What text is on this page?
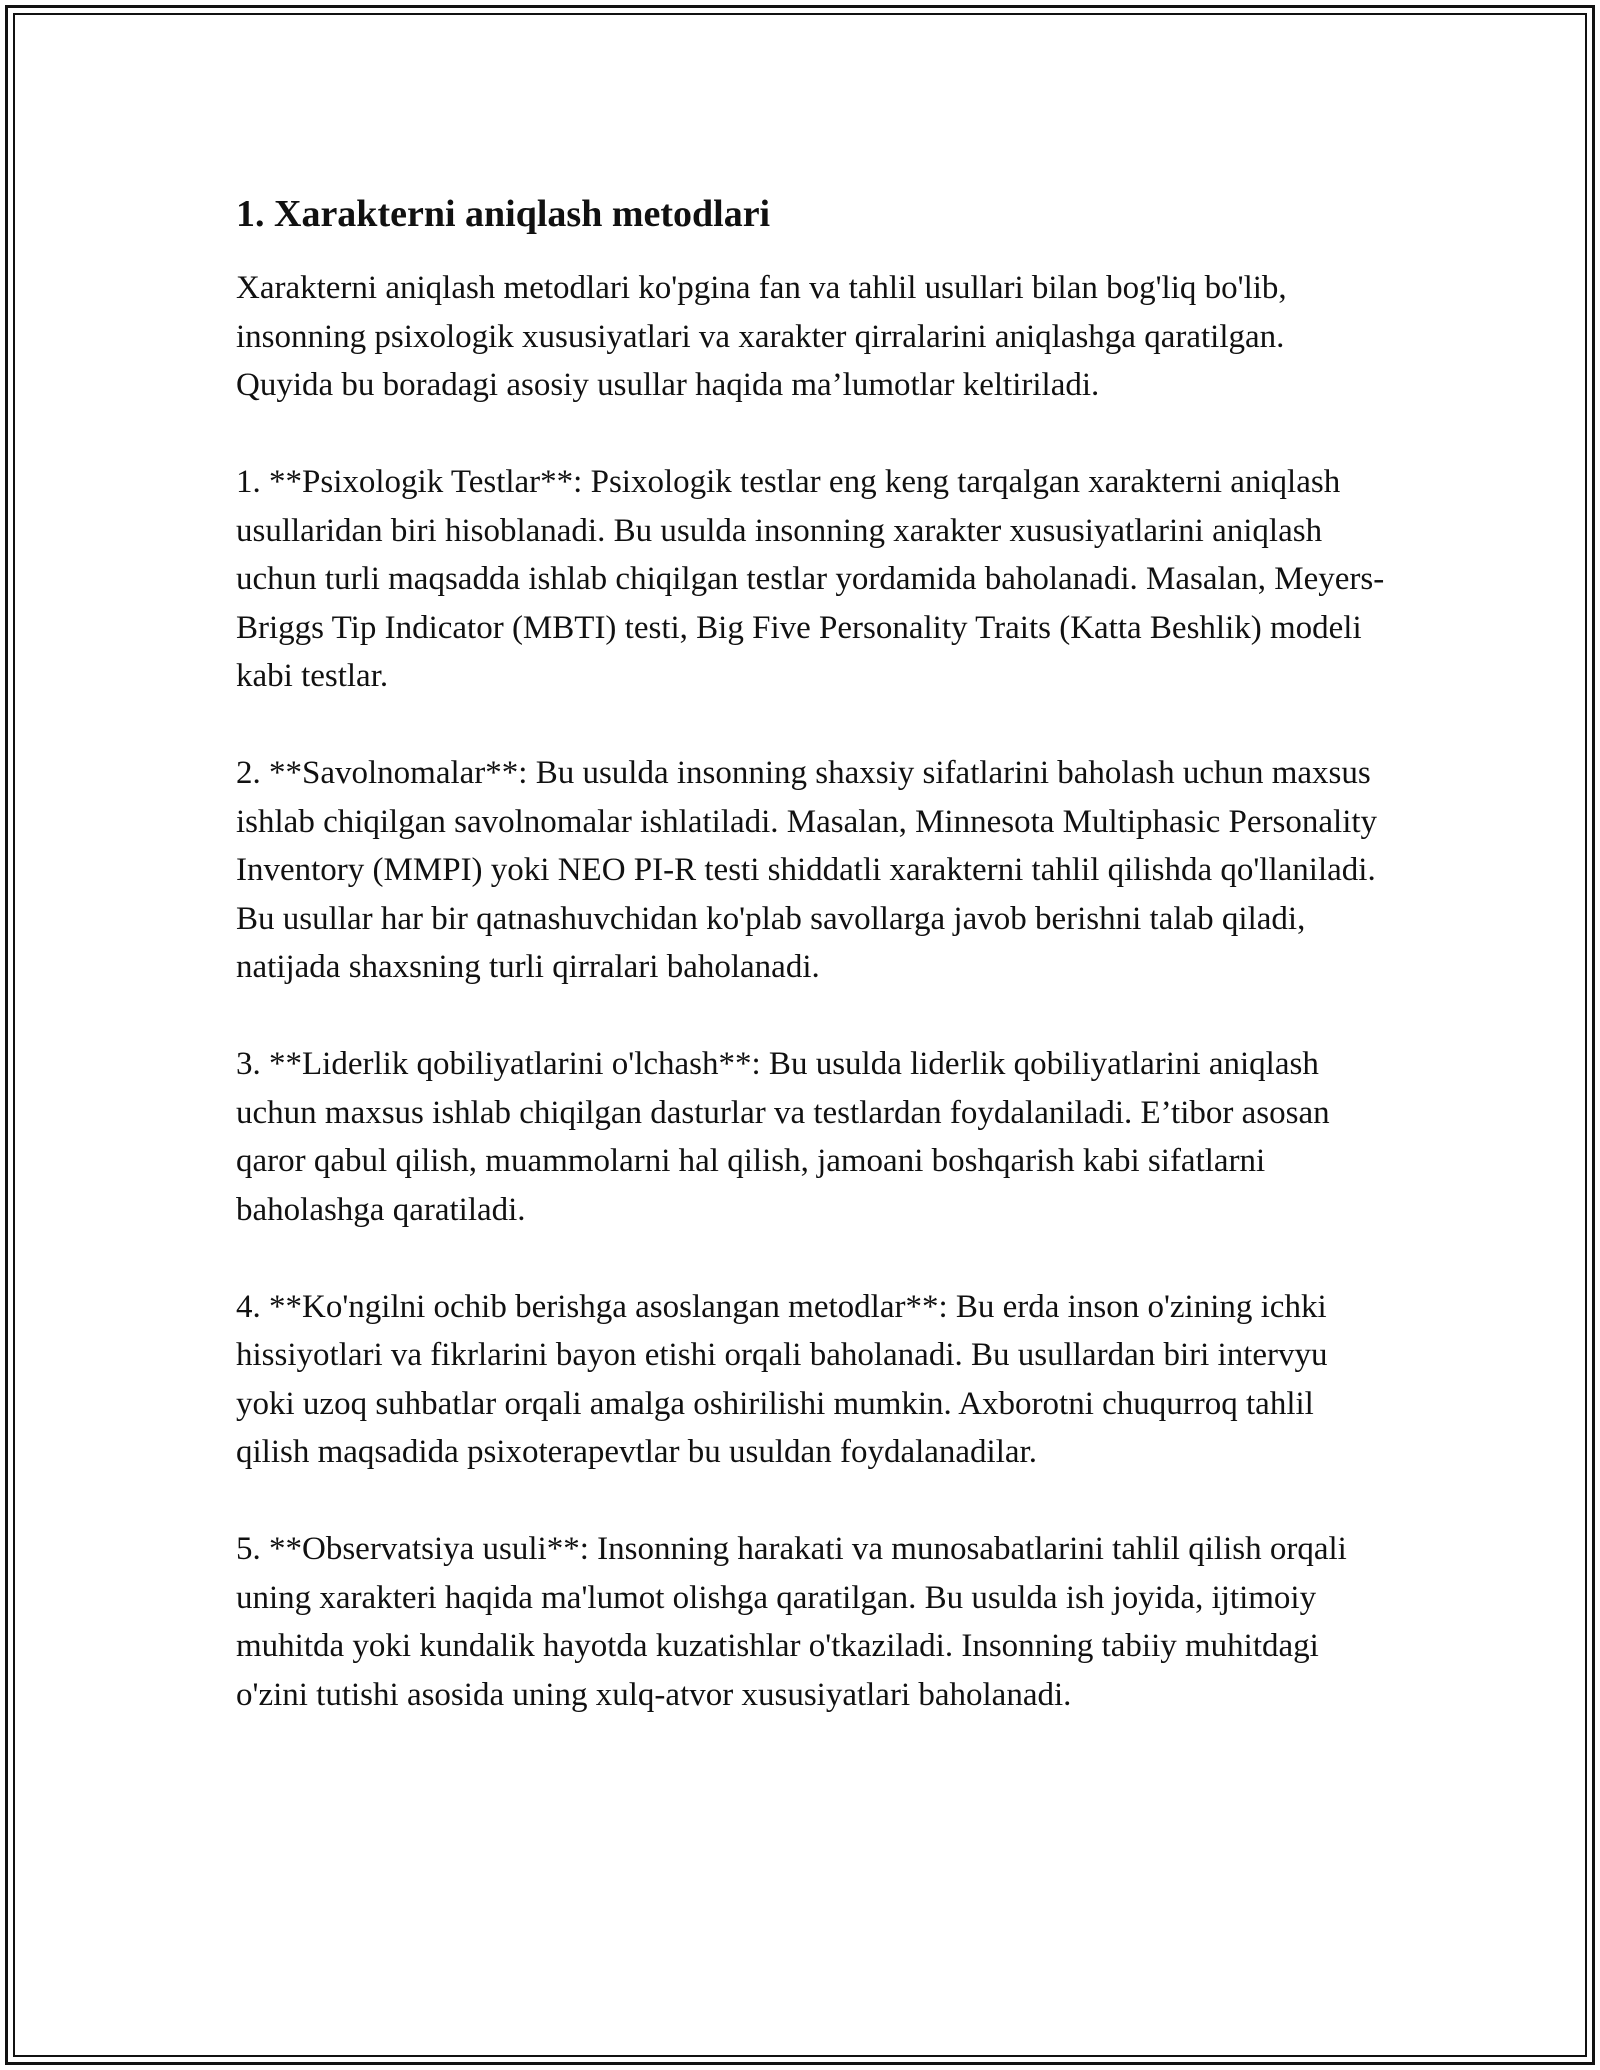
1. Xarakterni aniqlash metodlari

Xarakterni aniqlash metodlari ko'pgina fan va tahlil usullari bilan bog'liq bo'lib, insonning psixologik xususiyatlari va xarakter qirralarini aniqlashga qaratilgan. Quyida bu boradagi asosiy usullar haqida ma’lumotlar keltiriladi.

1. **Psixologik Testlar**: Psixologik testlar eng keng tarqalgan xarakterni aniqlash usullaridan biri hisoblanadi. Bu usulda insonning xarakter xususiyatlarini aniqlash uchun turli maqsadda ishlab chiqilgan testlar yordamida baholanadi. Masalan, Meyers-Briggs Tip Indicator (MBTI) testi, Big Five Personality Traits (Katta Beshlik) modeli kabi testlar.

2. **Savolnomalar**: Bu usulda insonning shaxsiy sifatlarini baholash uchun maxsus ishlab chiqilgan savolnomalar ishlatiladi. Masalan, Minnesota Multiphasic Personality Inventory (MMPI) yoki NEO PI-R testi shiddatli xarakterni tahlil qilishda qo'llaniladi. Bu usullar har bir qatnashuvchidan ko'plab savollarga javob berishni talab qiladi, natijada shaxsning turli qirralari baholanadi.

3. **Liderlik qobiliyatlarini o'lchash**: Bu usulda liderlik qobiliyatlarini aniqlash uchun maxsus ishlab chiqilgan dasturlar va testlardan foydalaniladi. E’tibor asosan qaror qabul qilish, muammolarni hal qilish, jamoani boshqarish kabi sifatlarni baholashga qaratiladi.

4. **Ko'ngilni ochib berishga asoslangan metodlar**: Bu erda inson o'zining ichki hissiyotlari va fikrlarini bayon etishi orqali baholanadi. Bu usullardan biri intervyu yoki uzoq suhbatlar orqali amalga oshirilishi mumkin. Axborotni chuqurroq tahlil qilish maqsadida psixoterapevtlar bu usuldan foydalanadilar.

5. **Observatsiya usuli**: Insonning harakati va munosabatlarini tahlil qilish orqali uning xarakteri haqida ma'lumot olishga qaratilgan. Bu usulda ish joyida, ijtimoiy muhitda yoki kundalik hayotda kuzatishlar o'tkaziladi. Insonning tabiiy muhitdagi o'zini tutishi asosida uning xulq-atvor xususiyatlari baholanadi.
